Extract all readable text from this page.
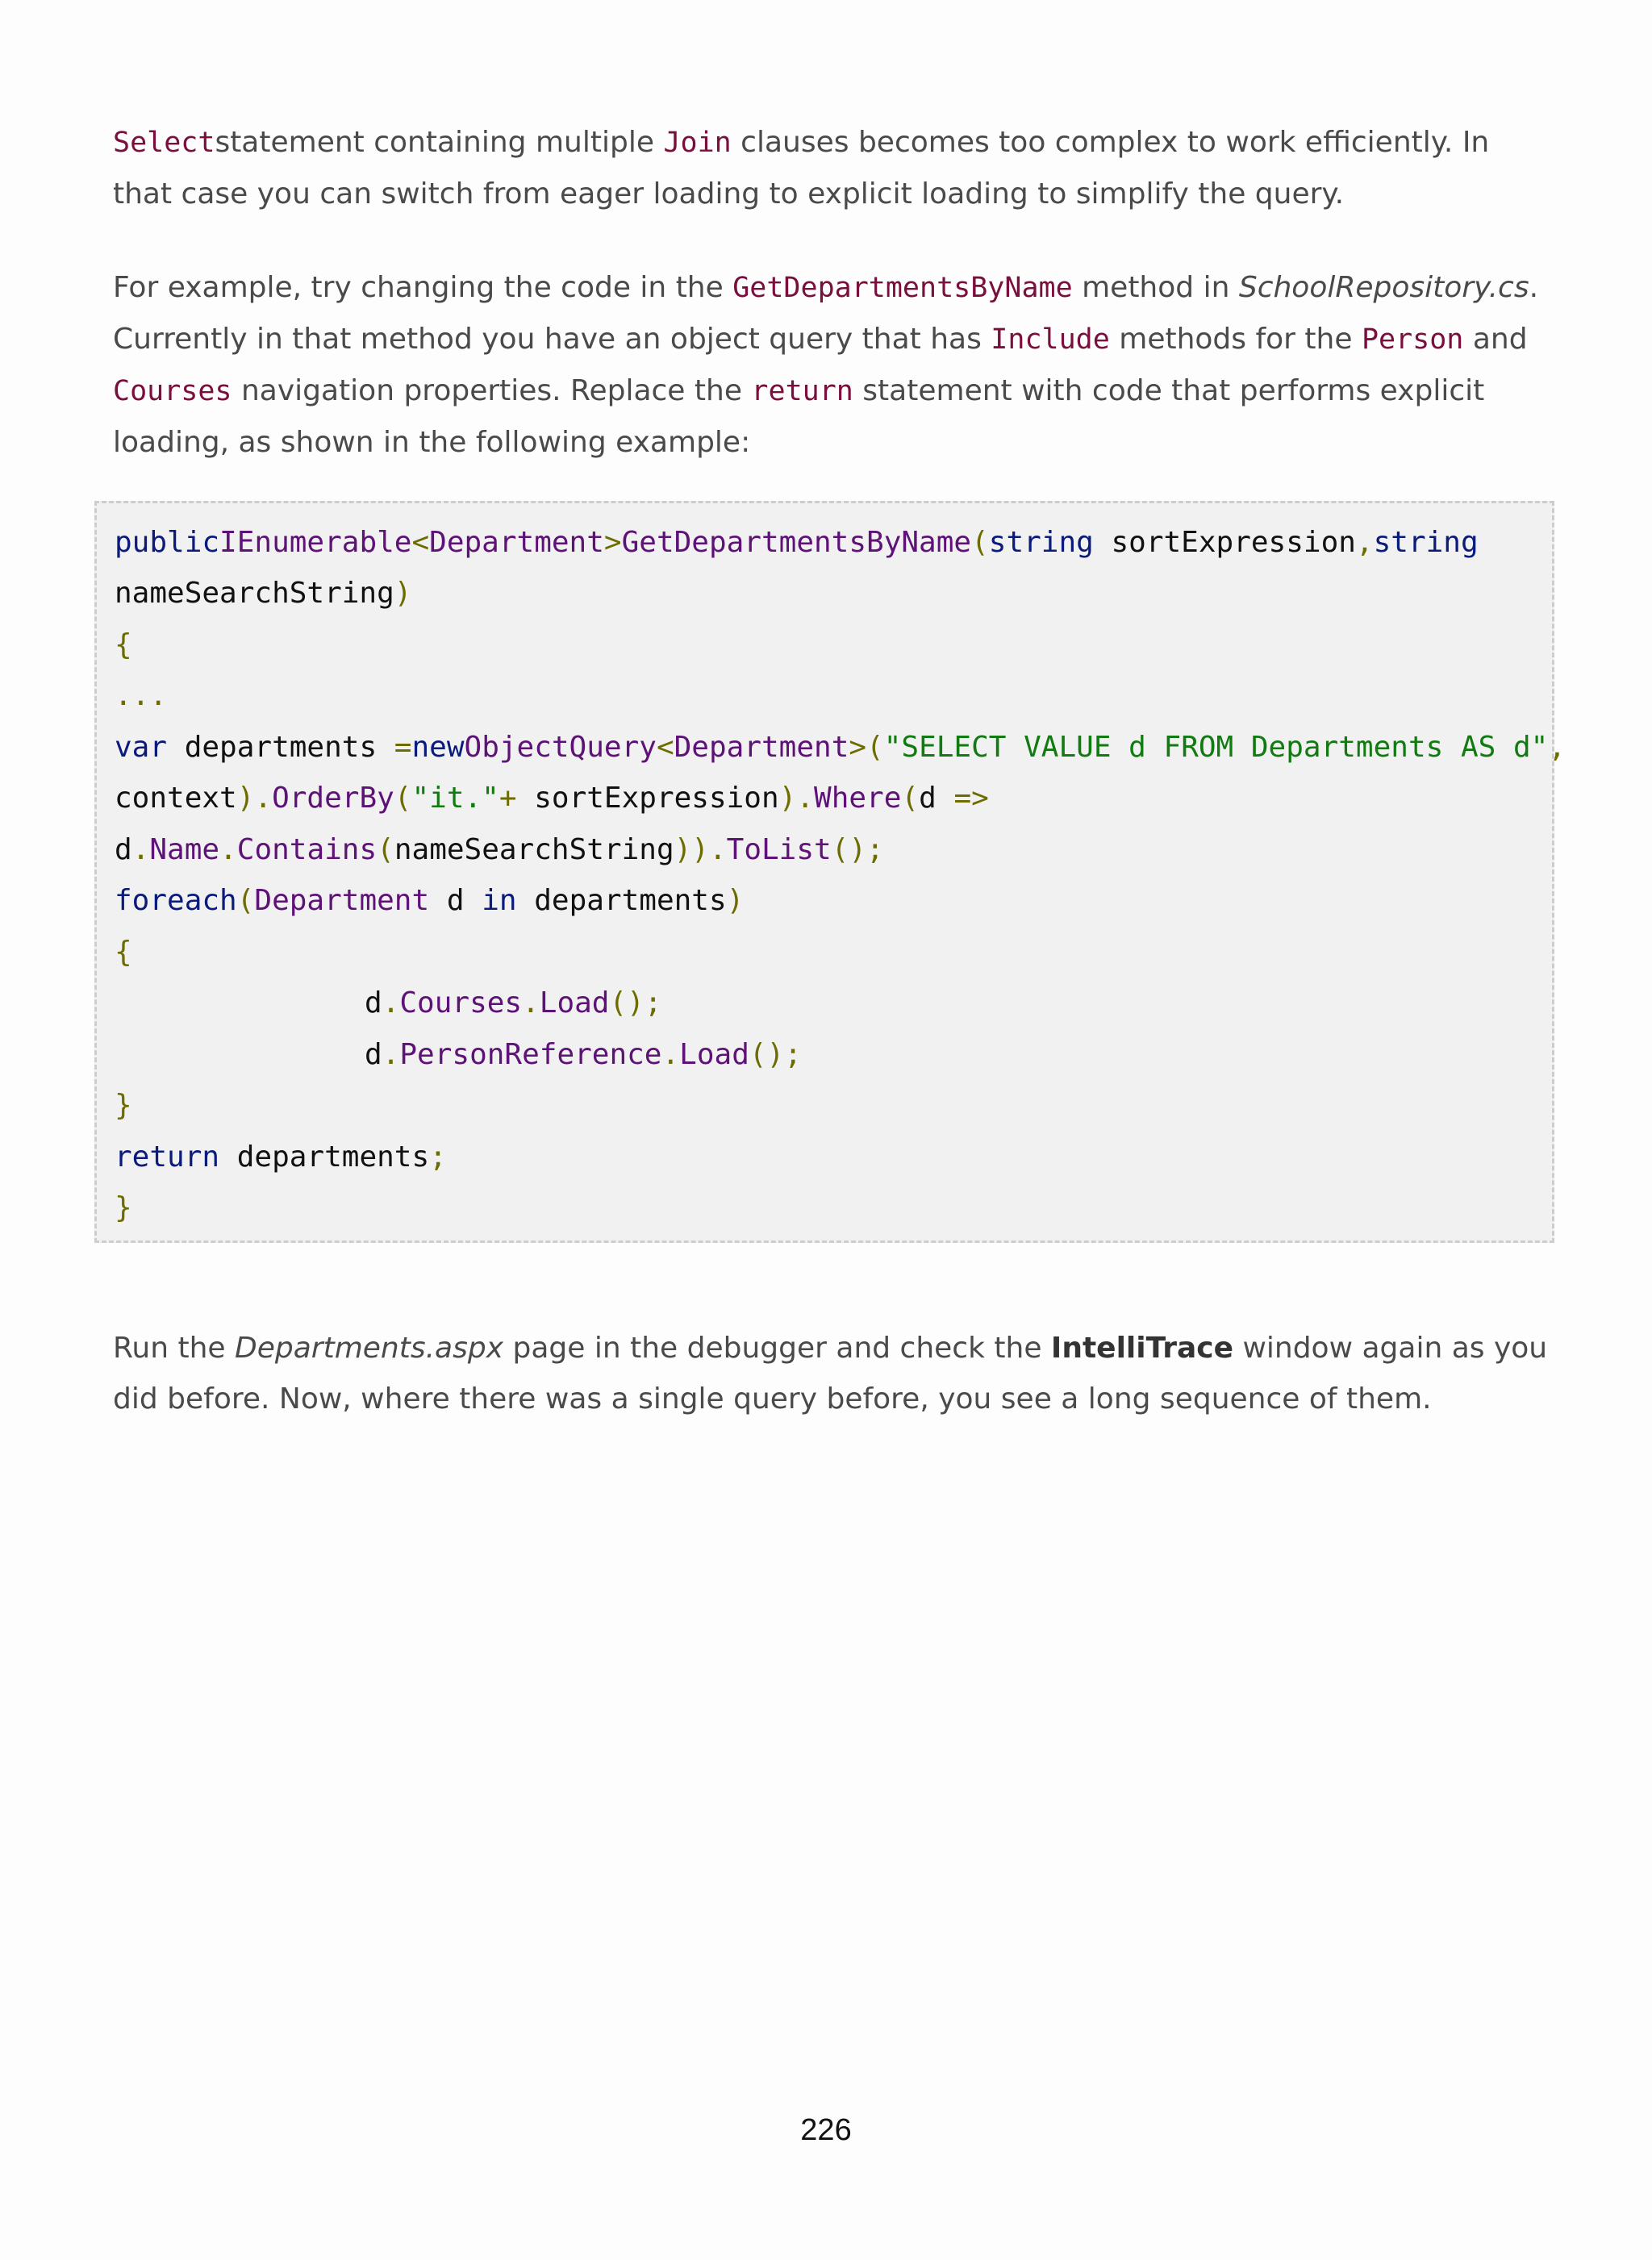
Selectstatement containing multiple Join clauses becomes too complex to work efficiently. In that case you can switch from eager loading to explicit loading to simplify the query.

For example, try changing the code in the GetDepartmentsByName method in SchoolRepository.cs. Currently in that method you have an object query that has Include methods for the Person and Courses navigation properties. Replace the return statement with code that performs explicit loading, as shown in the following example:

publicIEnumerable<Department>GetDepartmentsByName(string sortExpression,string
nameSearchString)
{
...
var departments =newObjectQuery<Department>("SELECT VALUE d FROM Departments AS d",
context).OrderBy("it."+ sortExpression).Where(d =>
d.Name.Contains(nameSearchString)).ToList();
foreach(Department d in departments)
{
d.Courses.Load();
d.PersonReference.Load();
}
return departments;
}

Run the Departments.aspx page in the debugger and check the IntelliTrace window again as you did before. Now, where there was a single query before, you see a long sequence of them.

226
